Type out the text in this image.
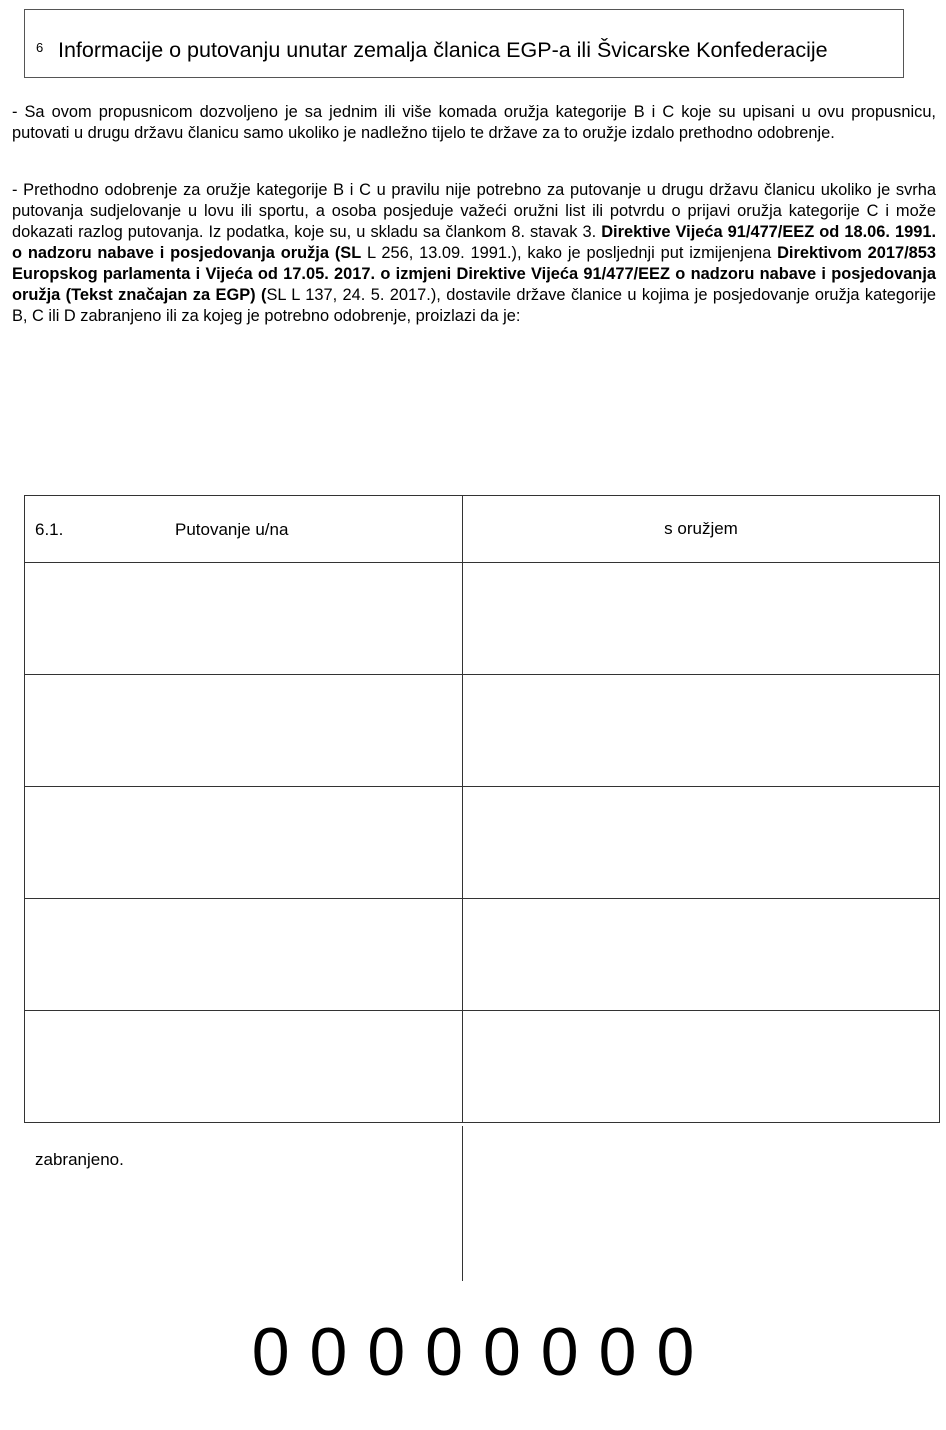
6 Informacije o putovanju unutar zemalja članica EGP-a ili Švicarske Konfederacije

- Sa ovom propusnicom dozvoljeno je sa jednim ili više komada oružja kategorije B i C koje su upisani u ovu propusnicu, putovati u drugu državu članicu samo ukoliko je nadležno tijelo te države za to oružje izdalo prethodno odobrenje.

- Prethodno odobrenje za oružje kategorije B i C u pravilu nije potrebno za putovanje u drugu državu članicu ukoliko je svrha putovanja sudjelovanje u lovu ili sportu, a osoba posjeduje važeći oružni list ili potvrdu o prijavi oružja kategorije C i može dokazati razlog putovanja. Iz podatka, koje su, u skladu sa člankom 8. stavak 3. Direktive Vijeća 91/477/EEZ od 18.06. 1991. o nadzoru nabave i posjedovanja oružja (SL L 256, 13.09. 1991.), kako je posljednji put izmijenjena Direktivom 2017/853 Europskog parlamenta i Vijeća od 17.05. 2017. o izmjeni Direktive Vijeća 91/477/EEZ o nadzoru nabave i posjedovanja oružja (Tekst značajan za EGP) (SL L 137, 24. 5. 2017.), dostavile države članice u kojima je posjedovanje oružja kategorije B, C ili D zabranjeno ili za kojeg je potrebno odobrenje, proizlazi da je:

6.1. Putovanje u/na	s oružjem

zabranjeno.
00000000
